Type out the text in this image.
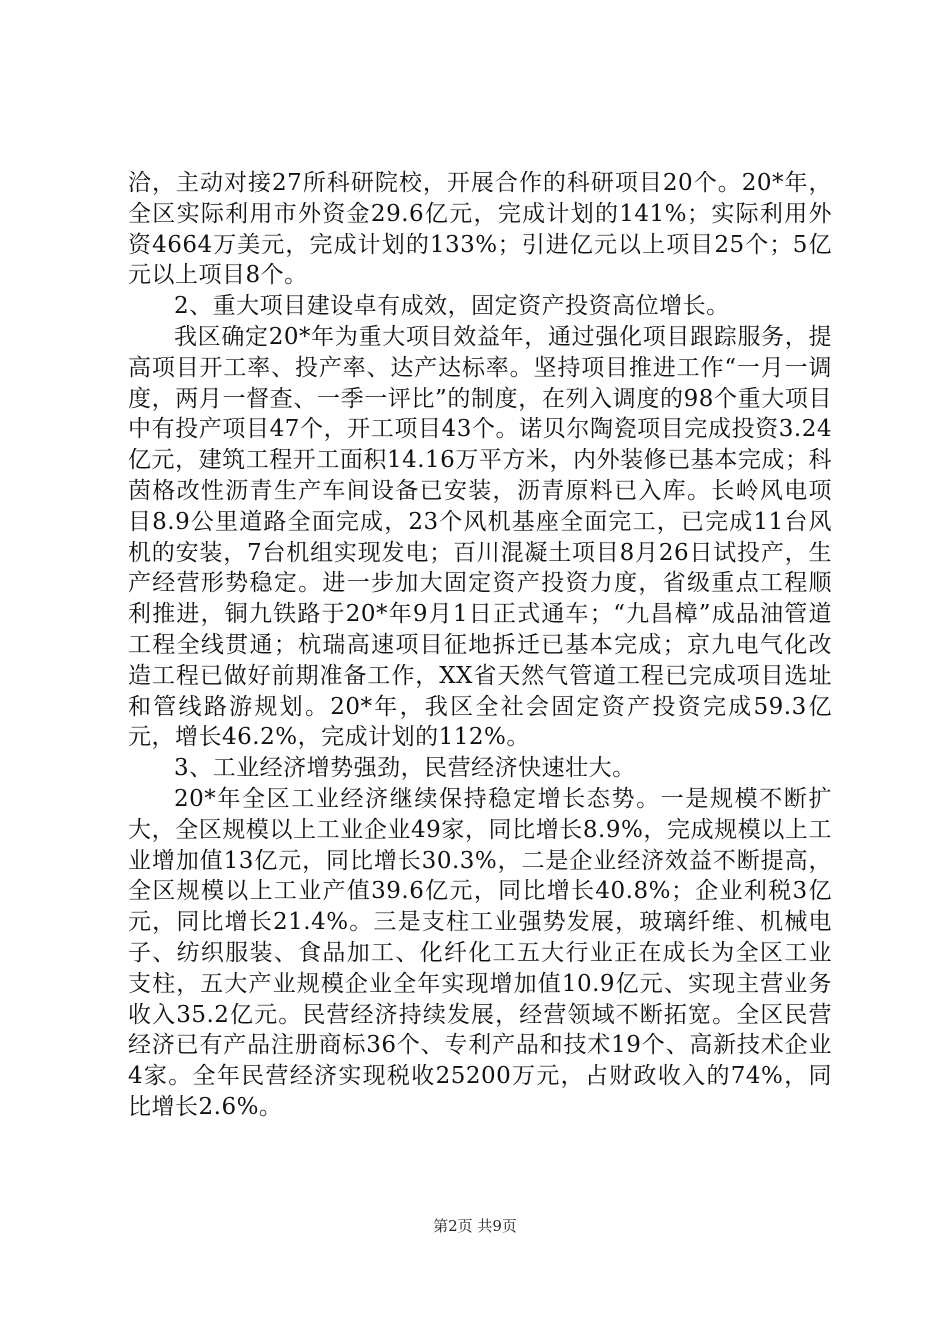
洽，主动对接27所科研院校，开展合作的科研项目20个。20*年，全区实际利用市外资金29.6亿元，完成计划的141%；实际利用外资4664万美元，完成计划的133%；引进亿元以上项目25个；5亿元以上项目8个。

2、重大项目建设卓有成效，固定资产投资高位增长。

我区确定20*年为重大项目效益年，通过强化项目跟踪服务，提高项目开工率、投产率、达产达标率。坚持项目推进工作“一月一调度，两月一督查、一季一评比”的制度，在列入调度的98个重大项目中有投产项目47个，开工项目43个。诺贝尔陶瓷项目完成投资3.24亿元，建筑工程开工面积14.16万平方米，内外装修已基本完成；科茵格改性沥青生产车间设备已安装，沥青原料已入库。长岭风电项目8.9公里道路全面完成，23个风机基座全面完工，已完成11台风机的安装，7台机组实现发电；百川混凝土项目8月26日试投产，生产经营形势稳定。进一步加大固定资产投资力度，省级重点工程顺利推进，铜九铁路于20*年9月1日正式通车；“九昌樟”成品油管道工程全线贯通；杭瑞高速项目征地拆迁已基本完成；京九电气化改造工程已做好前期准备工作，XX省天然气管道工程已完成项目选址和管线路游规划。20*年，我区全社会固定资产投资完成59.3亿元，增长46.2%，完成计划的112%。

3、工业经济增势强劲，民营经济快速壮大。

20*年全区工业经济继续保持稳定增长态势。一是规模不断扩大，全区规模以上工业企业49家，同比增长8.9%，完成规模以上工业增加值13亿元，同比增长30.3%，二是企业经济效益不断提高，全区规模以上工业产值39.6亿元，同比增长40.8%；企业利税3亿元，同比增长21.4%。三是支柱工业强势发展，玻璃纤维、机械电子、纺织服装、食品加工、化纤化工五大行业正在成长为全区工业支柱，五大产业规模企业全年实现增加值10.9亿元、实现主营业务收入35.2亿元。民营经济持续发展，经营领域不断拓宽。全区民营经济已有产品注册商标36个、专利产品和技术19个、高新技术企业4家。全年民营经济实现税收25200万元，占财政收入的74%，同比增长2.6%。

第2页 共9页
